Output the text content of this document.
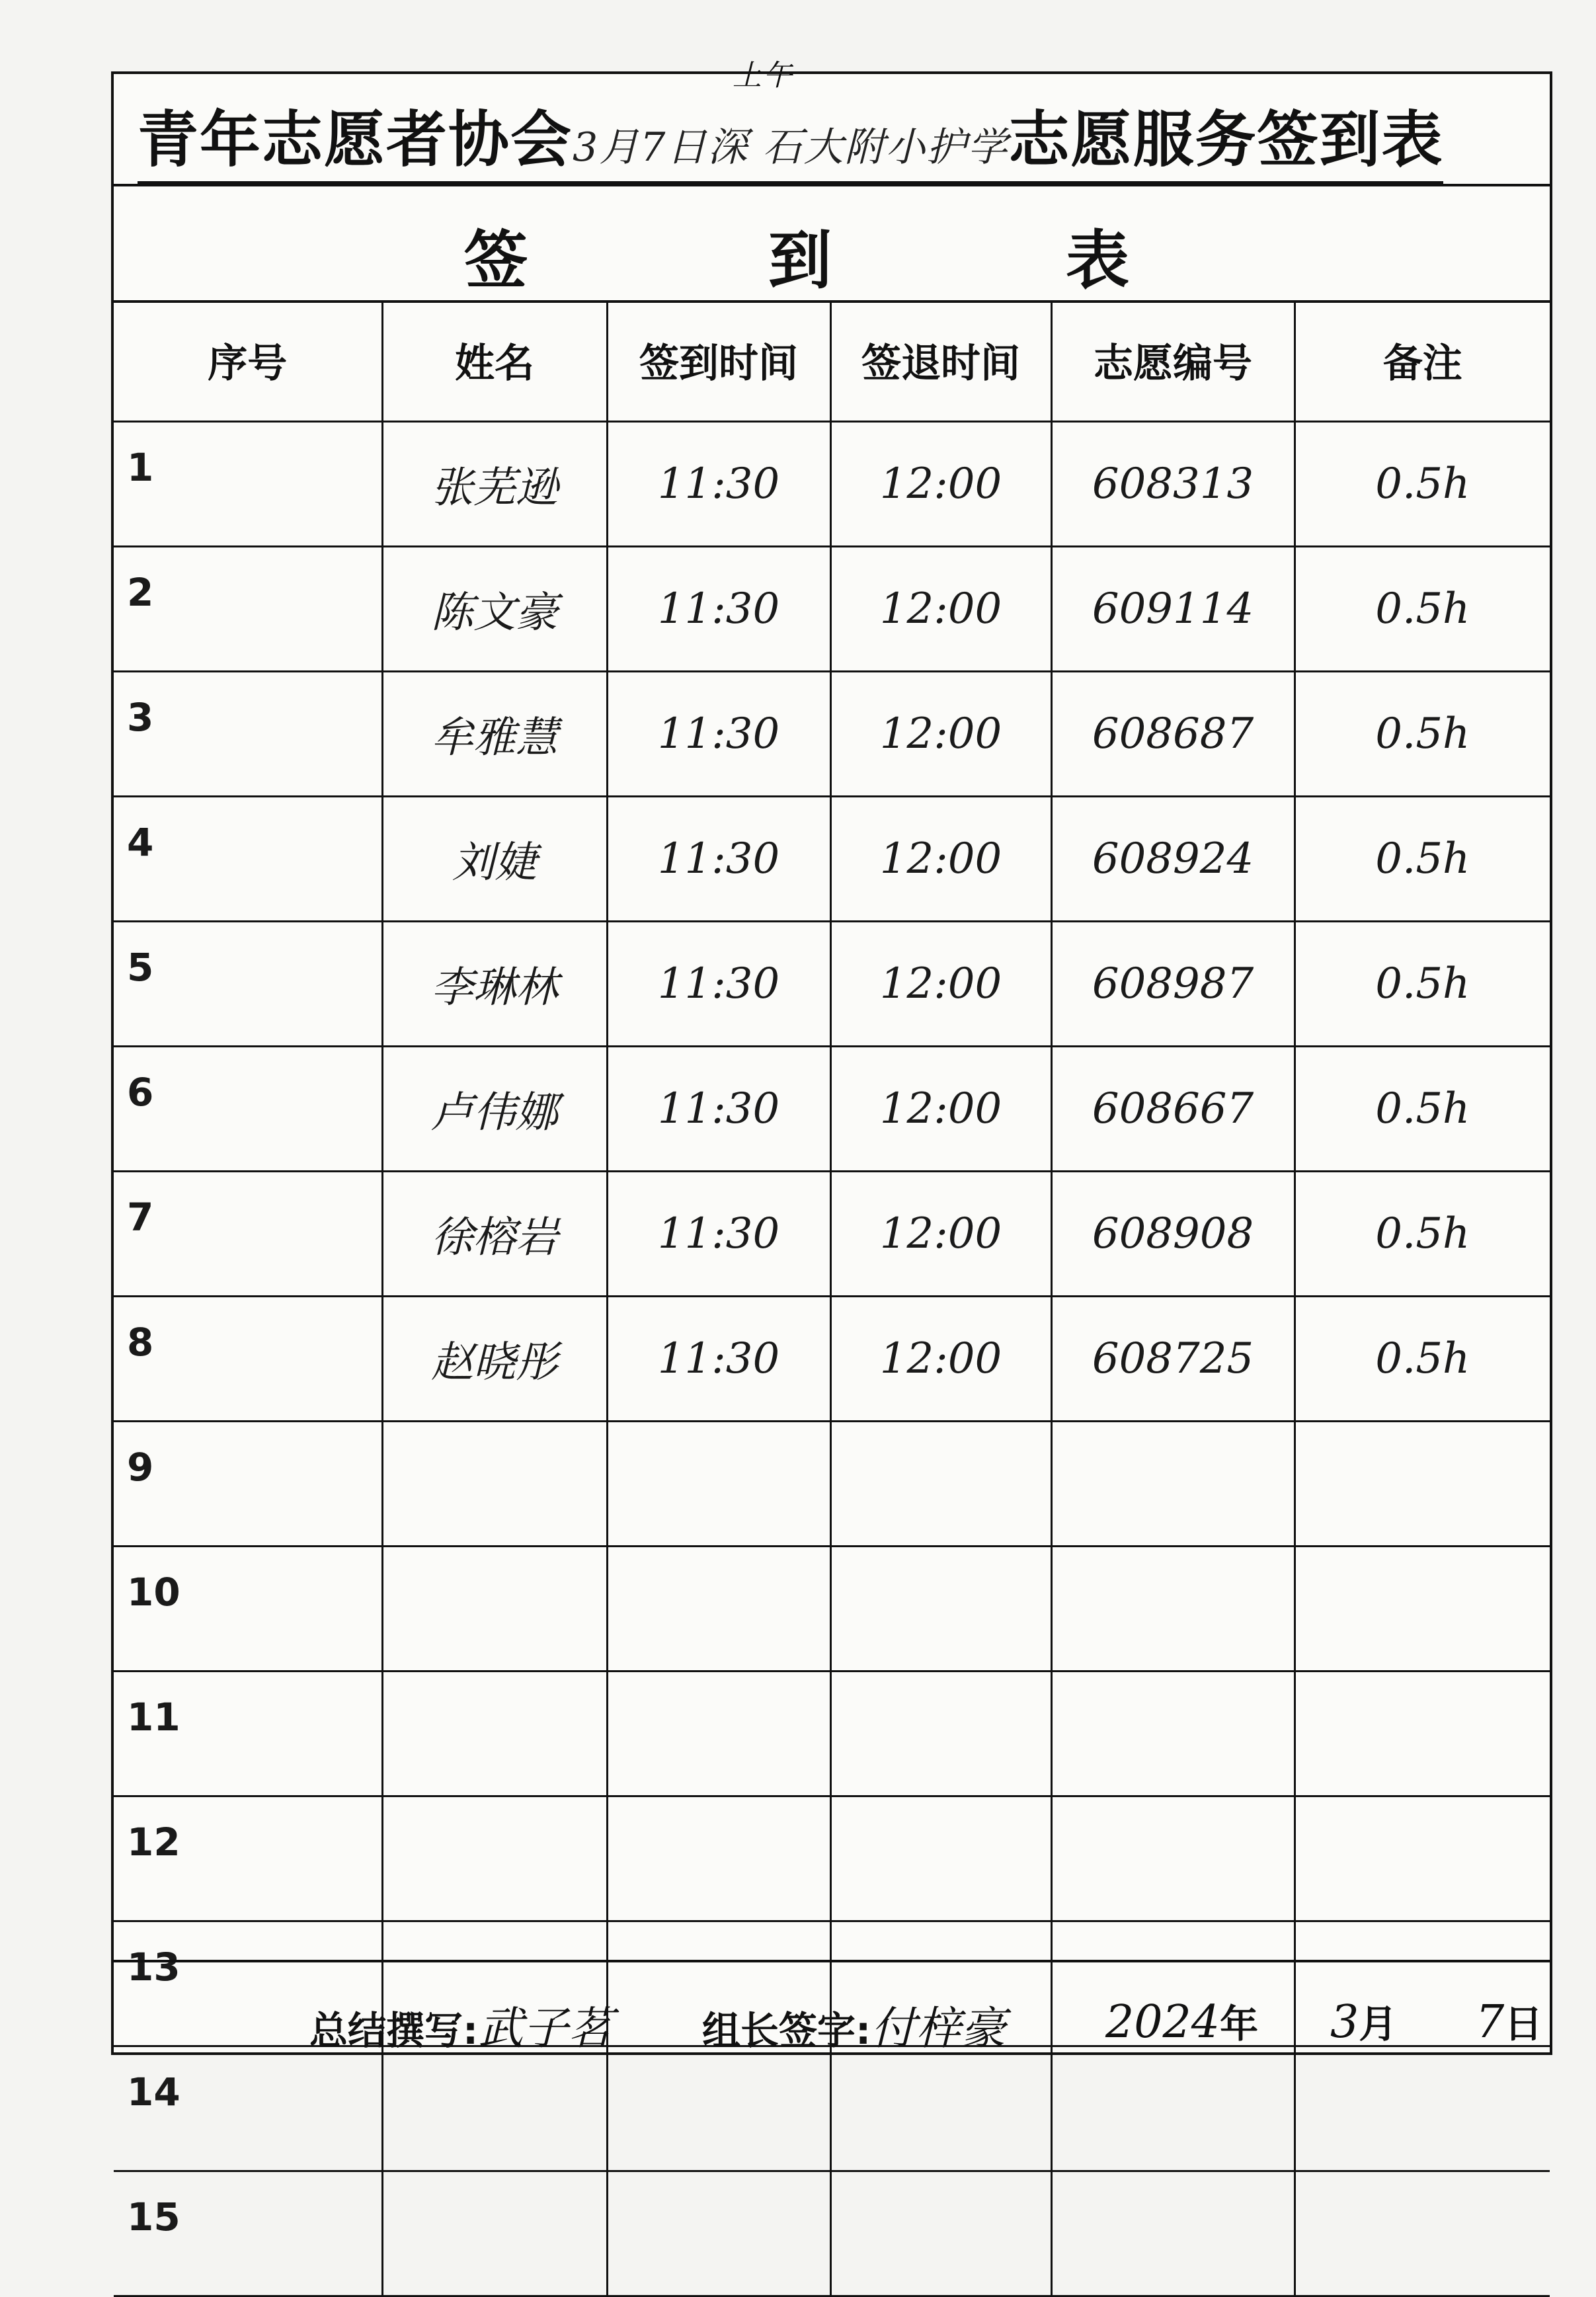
青年志愿者协会3月7日深 石大附小护学
上午
志愿服务签到表
签	到	表
序号	姓名	签到时间	签退时间	志愿编号	备注
1	张芜逊	11:30	12:00	608313	0.5h
2	陈文豪	11:30	12:00	609114	0.5h
3	牟雅慧	11:30	12:00	608687	0.5h
4	刘婕	11:30	12:00	608924	0.5h
5	李琳林	11:30	12:00	608987	0.5h
6	卢伟娜	11:30	12:00	608667	0.5h
7	徐榕岩	11:30	12:00	608908	0.5h
8	赵晓彤	11:30	12:00	608725	0.5h
9					
10					
11					
12					
13					
14					
15					
总结撰写:武子茗 组长签字:付梓豪 2024年 3月 7日
